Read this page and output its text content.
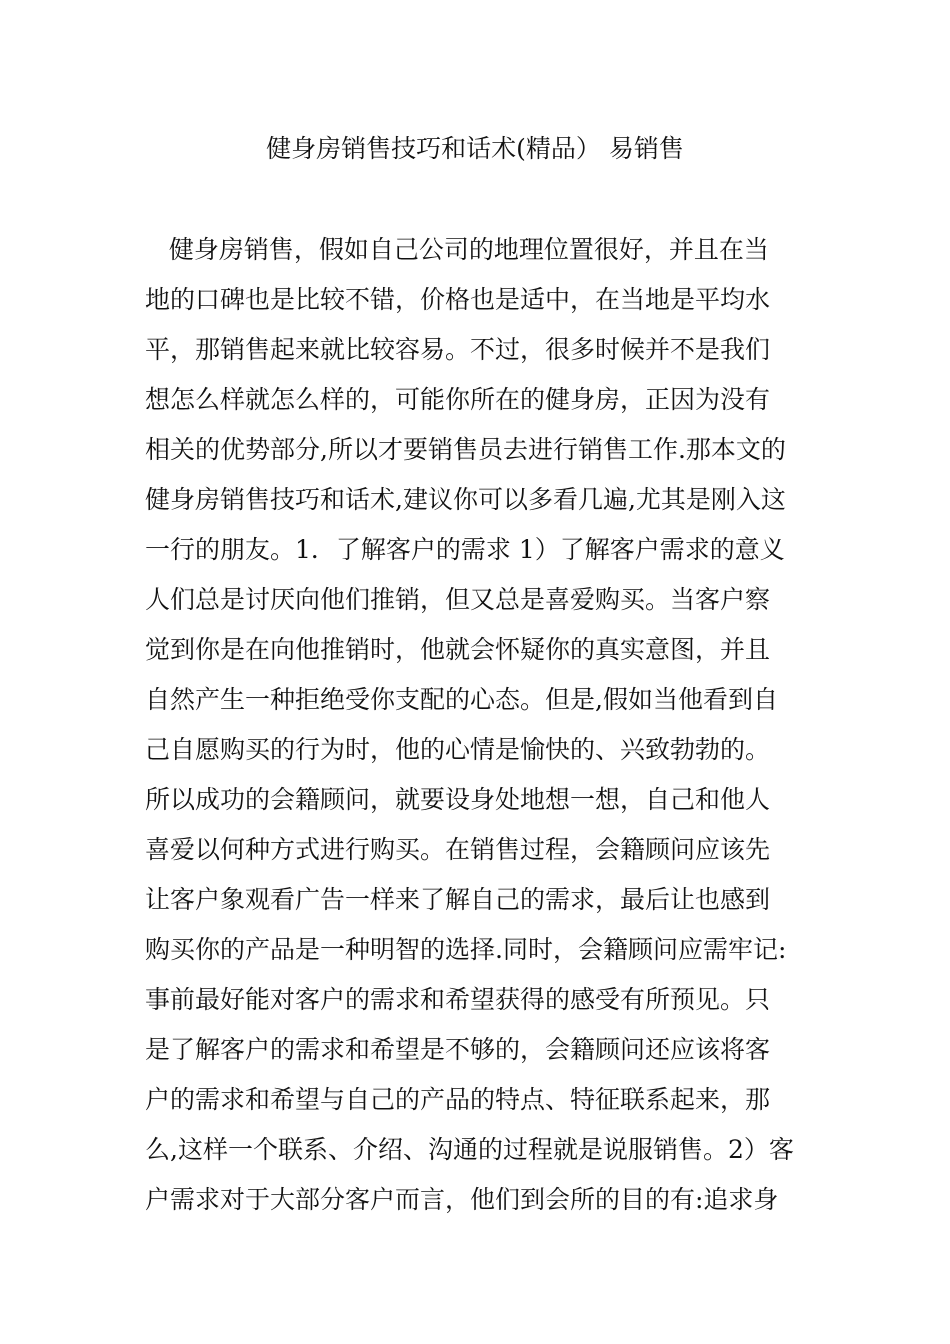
健身房销售技巧和话术(精品） 易销售
健身房销售，假如自己公司的地理位置很好，并且在当
地的口碑也是比较不错，价格也是适中，在当地是平均水
平，那销售起来就比较容易。不过，很多时候并不是我们
想怎么样就怎么样的，可能你所在的健身房，正因为没有
相关的优势部分,所以才要销售员去进行销售工作.那本文的
健身房销售技巧和话术,建议你可以多看几遍,尤其是刚入这
一行的朋友。1．了解客户的需求 1）了解客户需求的意义
人们总是讨厌向他们推销，但又总是喜爱购买。当客户察
觉到你是在向他推销时，他就会怀疑你的真实意图，并且
自然产生一种拒绝受你支配的心态。但是,假如当他看到自
己自愿购买的行为时，他的心情是愉快的、兴致勃勃的。
所以成功的会籍顾问，就要设身处地想一想，自己和他人
喜爱以何种方式进行购买。在销售过程，会籍顾问应该先
让客户象观看广告一样来了解自己的需求，最后让也感到
购买你的产品是一种明智的选择.同时，会籍顾问应需牢记:
事前最好能对客户的需求和希望获得的感受有所预见。只
是了解客户的需求和希望是不够的，会籍顾问还应该将客
户的需求和希望与自己的产品的特点、特征联系起来，那
么,这样一个联系、介绍、沟通的过程就是说服销售。2）客
户需求对于大部分客户而言，他们到会所的目的有:追求身
